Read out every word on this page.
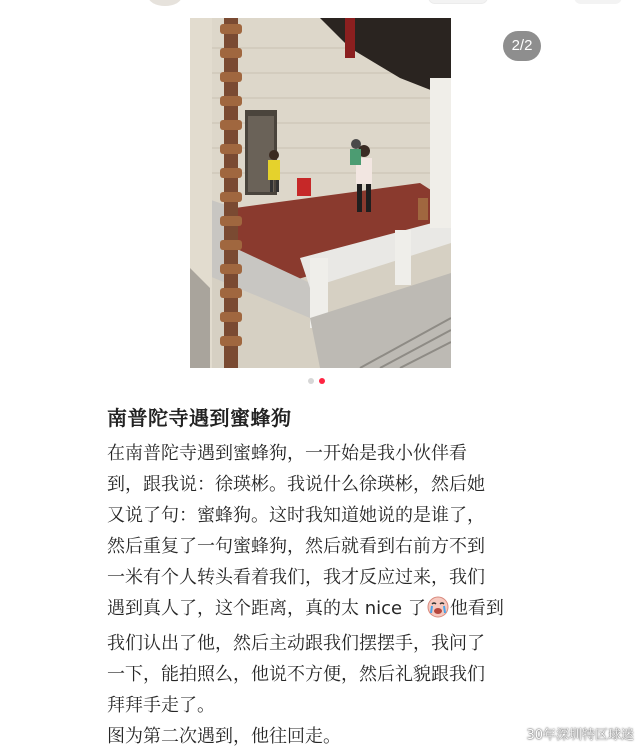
2/2
南普陀寺遇到蜜蜂狗
在南普陀寺遇到蜜蜂狗，一开始是我小伙伴看
到，跟我说：徐瑛彬。我说什么徐瑛彬，然后她
又说了句：蜜蜂狗。这时我知道她说的是谁了，
然后重复了一句蜜蜂狗，然后就看到右前方不到
一米有个人转头看着我们，我才反应过来，我们
遇到真人了，这个距离，真的太 nice 了 他看到
我们认出了他，然后主动跟我们摆摆手，我问了
一下，能拍照么，他说不方便，然后礼貌跟我们
拜拜手走了。
图为第二次遇到，他往回走。	30年深圳特区球迷
